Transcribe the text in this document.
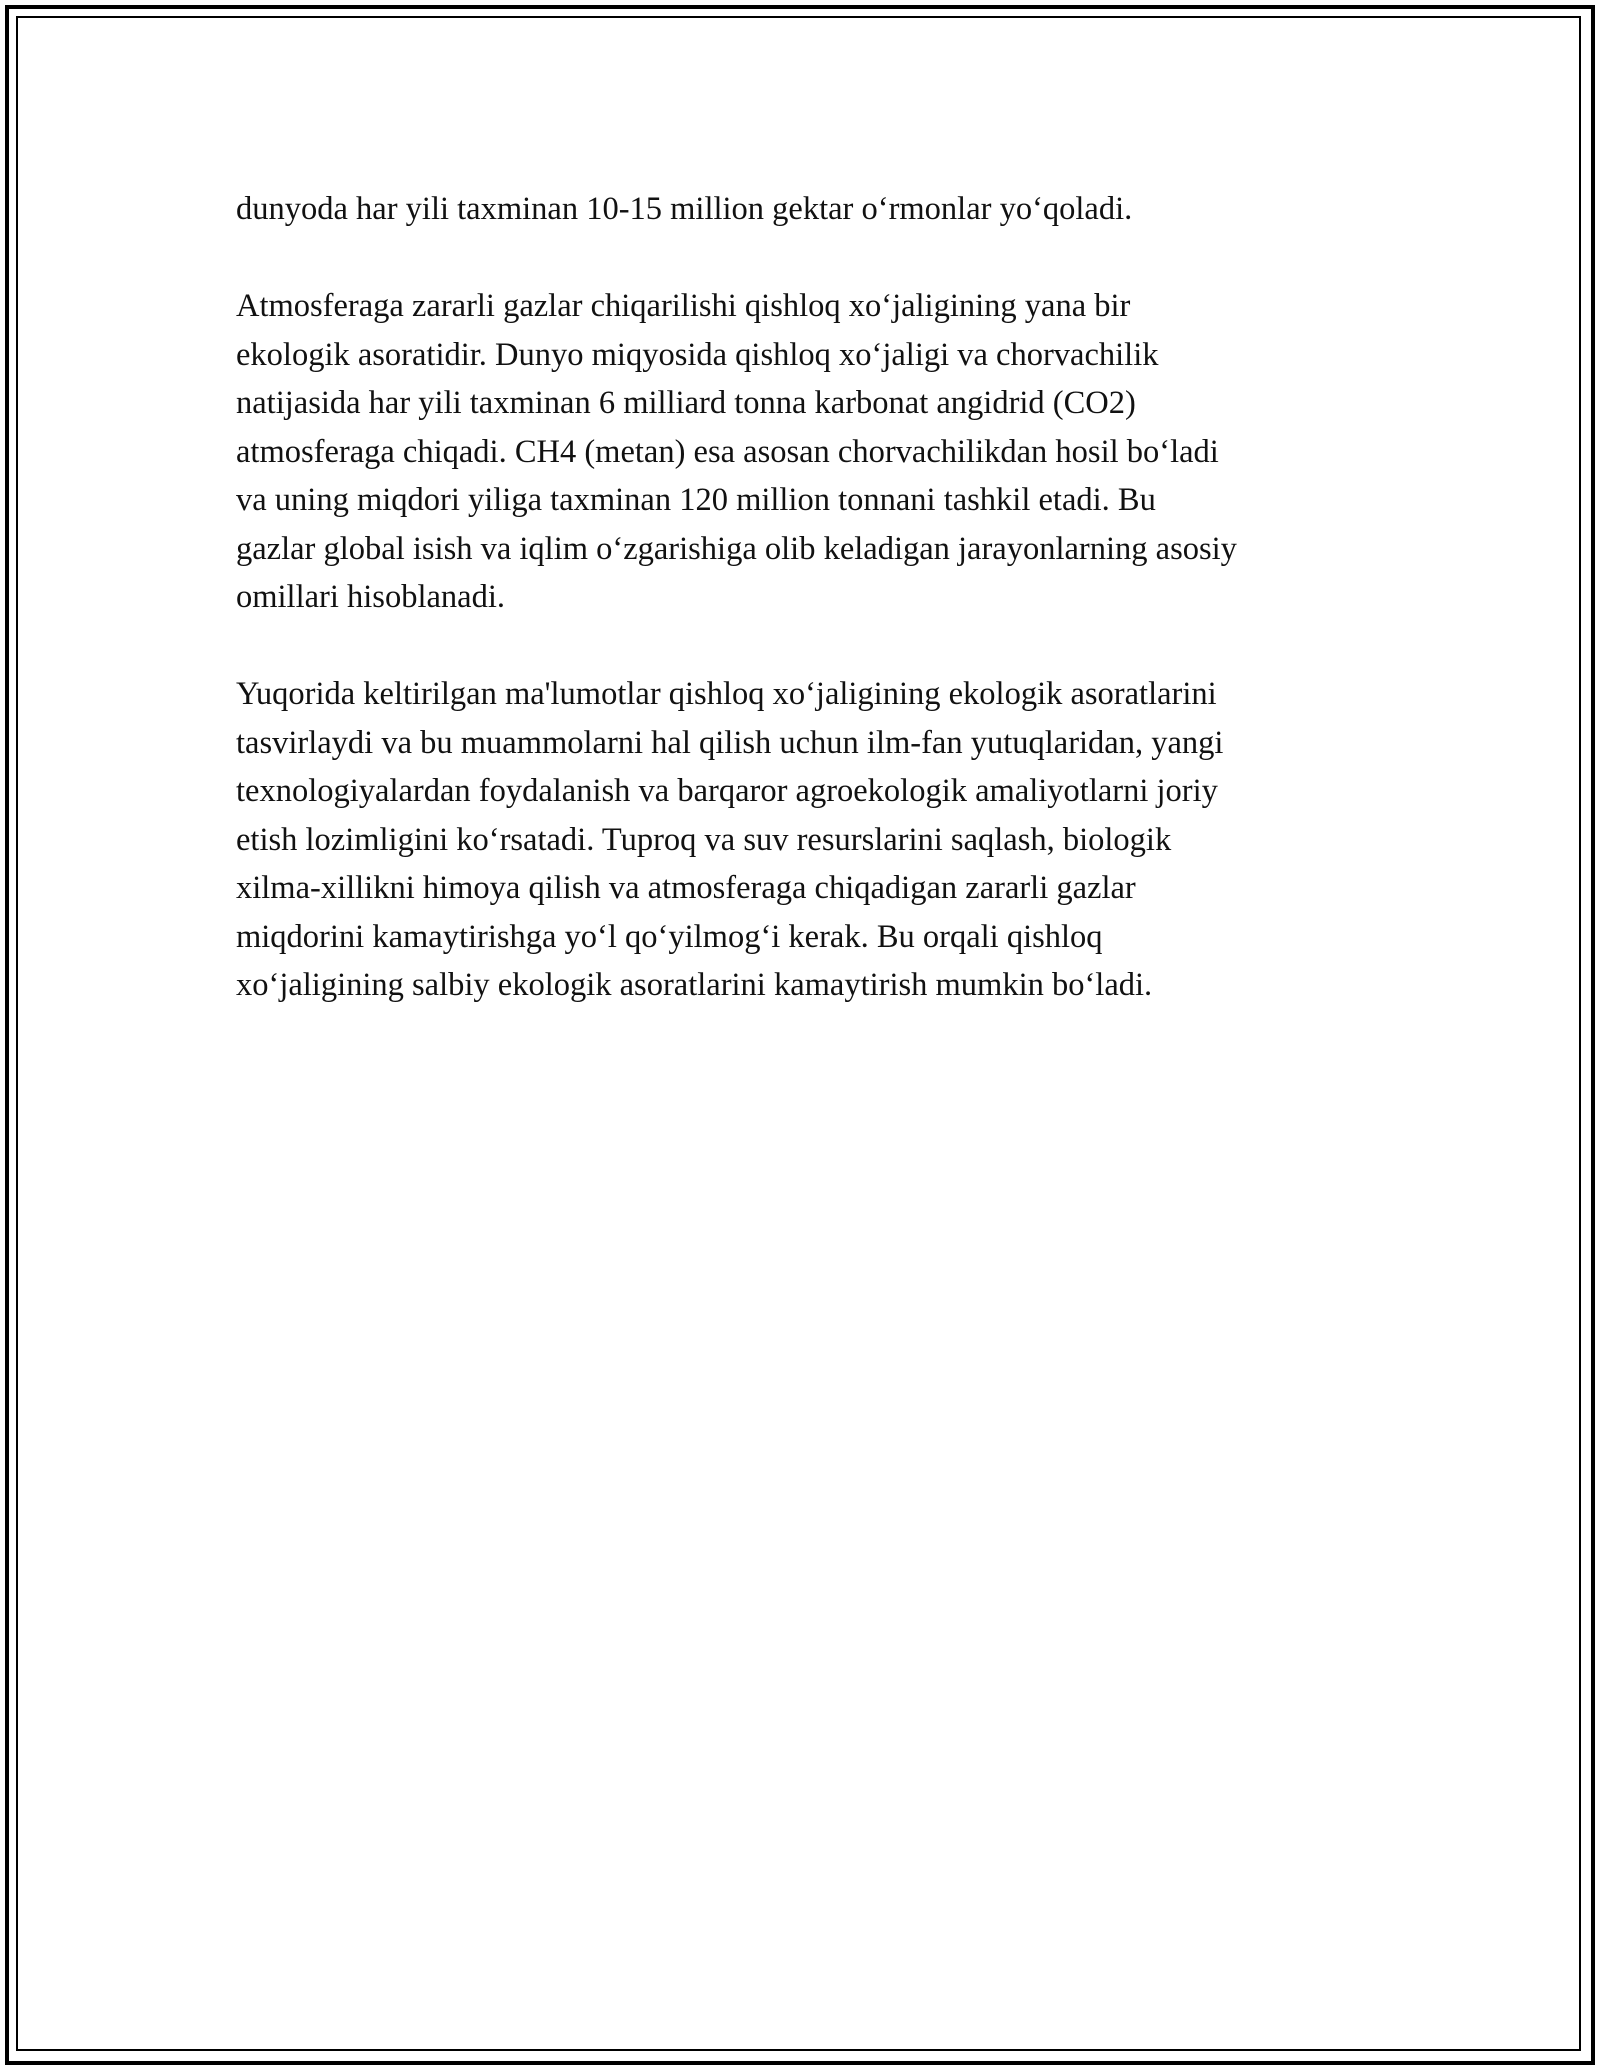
dunyoda har yili taxminan 10-15 million gektar o‘rmonlar yo‘qoladi.

Atmosferaga zararli gazlar chiqarilishi qishloq xo‘jaligining yana bir
ekologik asoratidir. Dunyo miqyosida qishloq xo‘jaligi va chorvachilik
natijasida har yili taxminan 6 milliard tonna karbonat angidrid (CO2)
atmosferaga chiqadi. CH4 (metan) esa asosan chorvachilikdan hosil bo‘ladi
va uning miqdori yiliga taxminan 120 million tonnani tashkil etadi. Bu
gazlar global isish va iqlim o‘zgarishiga olib keladigan jarayonlarning asosiy
omillari hisoblanadi.

Yuqorida keltirilgan ma'lumotlar qishloq xo‘jaligining ekologik asoratlarini
tasvirlaydi va bu muammolarni hal qilish uchun ilm-fan yutuqlaridan, yangi
texnologiyalardan foydalanish va barqaror agroekologik amaliyotlarni joriy
etish lozimligini ko‘rsatadi. Tuproq va suv resurslarini saqlash, biologik
xilma-xillikni himoya qilish va atmosferaga chiqadigan zararli gazlar
miqdorini kamaytirishga yo‘l qo‘yilmog‘i kerak. Bu orqali qishloq
xo‘jaligining salbiy ekologik asoratlarini kamaytirish mumkin bo‘ladi.
